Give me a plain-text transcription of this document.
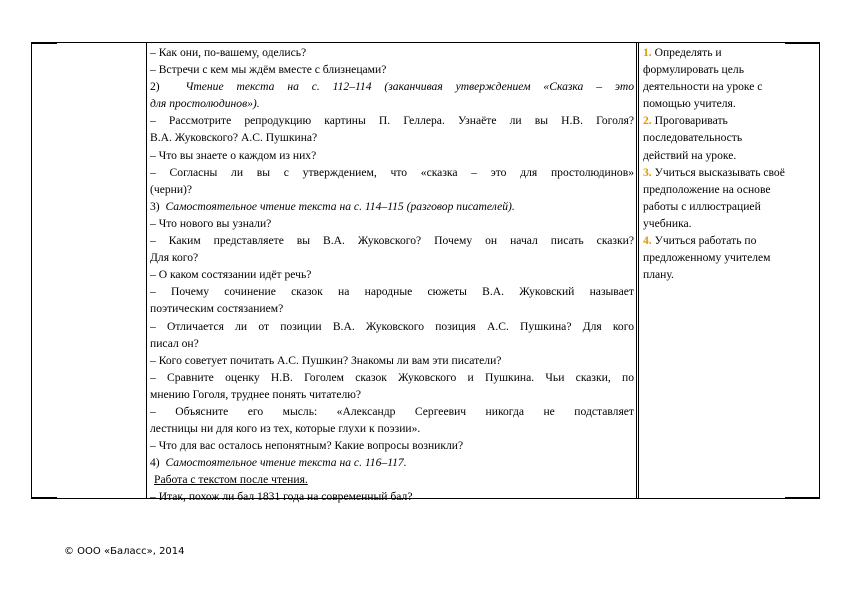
– Как они, по-вашему, оделись?
– Встречи с кем мы ждём вместе с близнецами?
2) Чтение текста на с. 112–114 (заканчивая утверждением «Сказка – это
для простолюдинов»).
– Рассмотрите репродукцию картины П. Геллера. Узнаёте ли вы Н.В. Гоголя?
В.А. Жуковского? А.С. Пушкина?
– Что вы знаете о каждом из них?
– Согласны ли вы с утверждением, что «сказка – это для простолюдинов»
(черни)?
3) Самостоятельное чтение текста на с. 114–115 (разговор писателей).
– Что нового вы узнали?
– Каким представляете вы В.А. Жуковского? Почему он начал писать сказки?
Для кого?
– О каком состязании идёт речь?
– Почему сочинение сказок на народные сюжеты В.А. Жуковский называет
поэтическим состязанием?
– Отличается ли от позиции В.А. Жуковского позиция А.С. Пушкина? Для кого
писал он?
– Кого советует почитать А.С. Пушкин? Знакомы ли вам эти писатели?
– Сравните оценку Н.В. Гоголем сказок Жуковского и Пушкина. Чьи сказки, по
мнению Гоголя, труднее понять читателю?
– Объясните его мысль: «Александр Сергеевич никогда не подставляет
лестницы ни для кого из тех, которые глухи к поэзии».
– Что для вас осталось непонятным? Какие вопросы возникли?
4) Самостоятельное чтение текста на с. 116–117.
Работа с текстом после чтения.
– Итак, похож ли бал 1831 года на современный бал?
1. Определять и
формулировать цель
деятельности на уроке с
помощью учителя.
2. Проговаривать
последовательность
действий на уроке.
3. Учиться высказывать своё
предположение на основе
работы с иллюстрацией
учебника.
4. Учиться работать по
предложенному учителем
плану.
© ООО «Баласс», 2014
